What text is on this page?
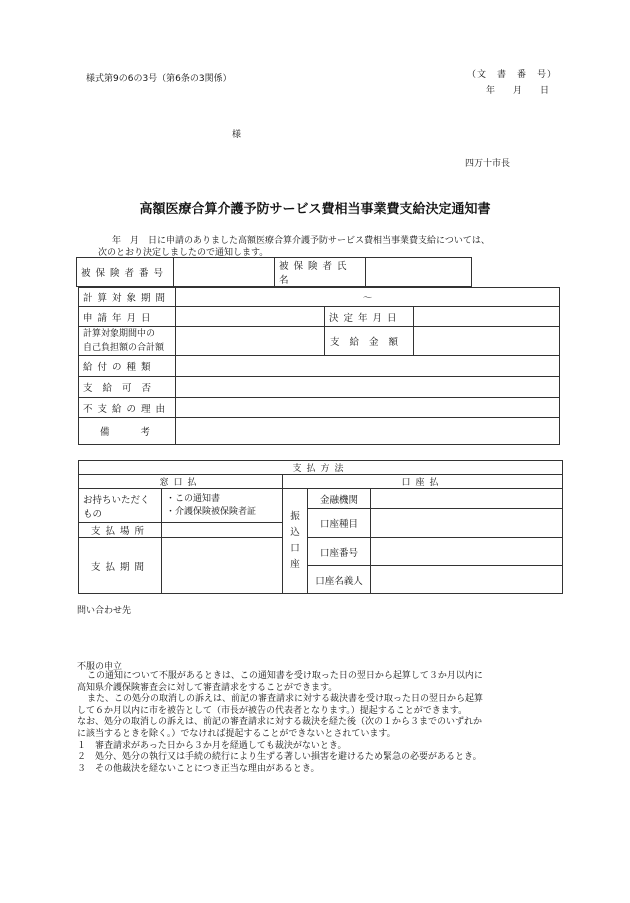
様式第9の6の3号（第6条の3関係）	（文　書　番　号）
年　　月　　日
様
四万十市長
高額医療合算介護予防サービス費相当事業費支給決定通知書
年　月　日に申請のありました高額医療合算介護予防サービス費相当事業費支給については、
次のとおり決定しましたので通知します。
被保険者番号		被保険者氏名	
計算対象期間	～		
申請年月日		決定年月日	

計算対象期間中の
自己負担額の合計額		支給金額	
給付の種類			
支給可否			
不支給の理由			
備　　考			
支払方法				
窓口払		口座払		
お持ちいただくもの	・この通知書
・介護保険被保険者証	振込口座	金融機関	
			口座種目	
支払場所				
支払期間			口座番号	
			口座名義人	
問い合わせ先
不服の申立
この通知について不服があるときは、この通知書を受け取った日の翌日から起算して３か月以内に
高知県介護保険審査会に対して審査請求をすることができます。
また、この処分の取消しの訴えは、前記の審査請求に対する裁決書を受け取った日の翌日から起算
して６か月以内に市を被告として（市長が被告の代表者となります。）提起することができます。
なお、処分の取消しの訴えは、前記の審査請求に対する裁決を経た後（次の１から３までのいずれか
に該当するときを除く。）でなければ提起することができないとされています。
１　審査請求があった日から３か月を経過しても裁決がないとき。
２　処分、処分の執行又は手続の続行により生ずる著しい損害を避けるため緊急の必要があるとき。
３　その他裁決を経ないことにつき正当な理由があるとき。
